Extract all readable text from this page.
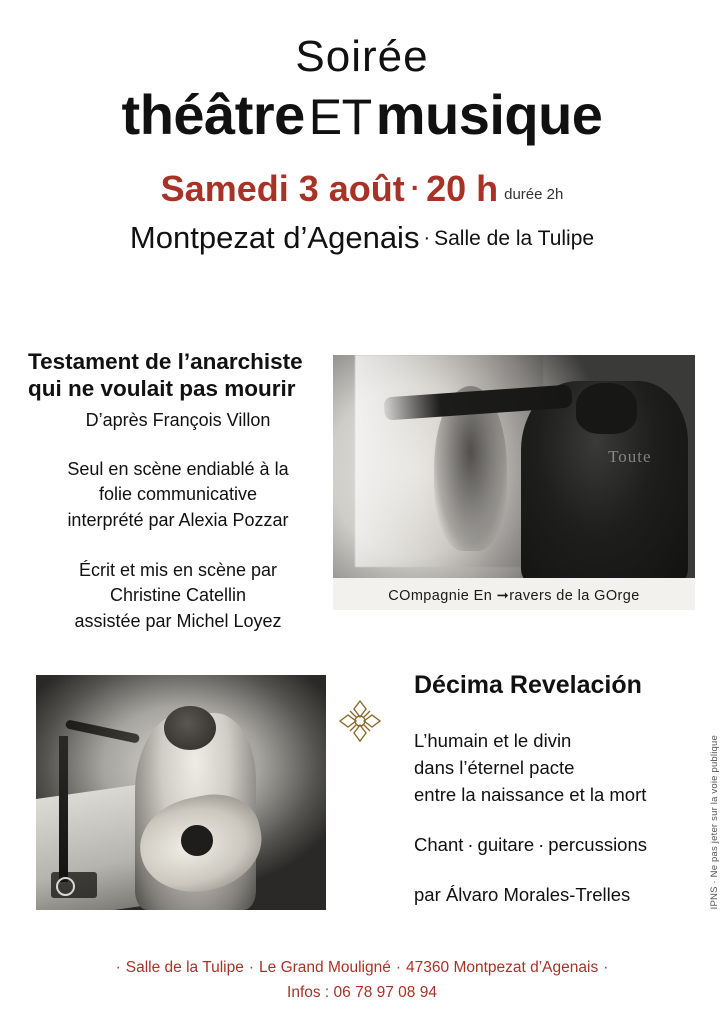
Soirée
théâtreETmusique
Samedi 3 août · 20 h durée 2h
Montpezat d’Agenais · Salle de la Tulipe
Testament de l’anarchiste
qui ne voulait pas mourir
D’après François Villon
Seul en scène endiablé à la
folie communicative
interprété par Alexia Pozzar
Écrit et mis en scène par
Christine Catellin
assistée par Michel Loyez
Toute
COmpagnie En ➞ravers de la GOrge
Décima Revelación
L’humain et le divin
dans l’éternel pacte
entre la naissance et la mort
Chant · guitare · percussions
par Álvaro Morales-Trelles	IPNS · Ne pas jeter sur la voie publique
· Salle de la Tulipe · Le Grand Mouligné · 47360 Montpezat d’Agenais ·
Infos : 06 78 97 08 94
